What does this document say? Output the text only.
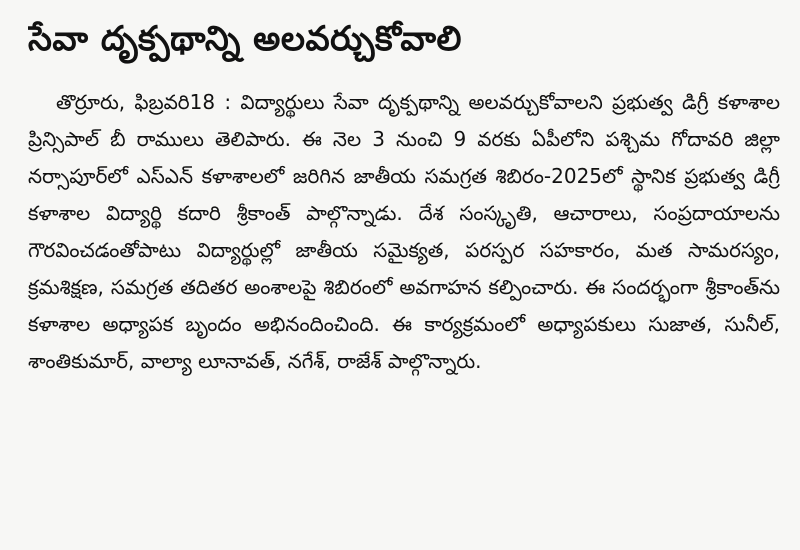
సేవా దృక్పథాన్ని అలవర్చుకోవాలి

తొర్రూరు, ఫిబ్రవరి18 : విద్యార్థులు సేవా దృక్పథాన్ని అలవర్చుకోవాలని ప్రభుత్వ డిగ్రీ కళాశాల ప్రిన్సిపాల్ బీ రాములు తెలిపారు. ఈ నెల 3 నుంచి 9 వరకు ఏపీలోని పశ్చిమ గోదావరి జిల్లా నర్సాపూర్‌లో ఎస్ఎన్ కళాశాలలో జరిగిన జాతీయ సమగ్రత శిబిరం-2025లో స్థానిక ప్రభుత్వ డిగ్రీ కళాశాల విద్యార్థి కదారి శ్రీకాంత్ పాల్గొన్నాడు. దేశ సంస్కృతి, ఆచారాలు, సంప్రదాయాలను గౌరవించడంతోపాటు విద్యార్థుల్లో జాతీయ సమైక్యత, పరస్పర సహకారం, మత సామరస్యం, క్రమశిక్షణ, సమగ్రత తదితర అంశాలపై శిబిరంలో అవగాహన కల్పించారు. ఈ సందర్భంగా శ్రీకాంత్‌ను కళాశాల అధ్యాపక బృందం అభినందించింది. ఈ కార్యక్రమంలో అధ్యాపకులు సుజాత, సునీల్, శాంతికుమార్, వాల్యా లూనావత్, నగేశ్, రాజేశ్ పాల్గొన్నారు.
